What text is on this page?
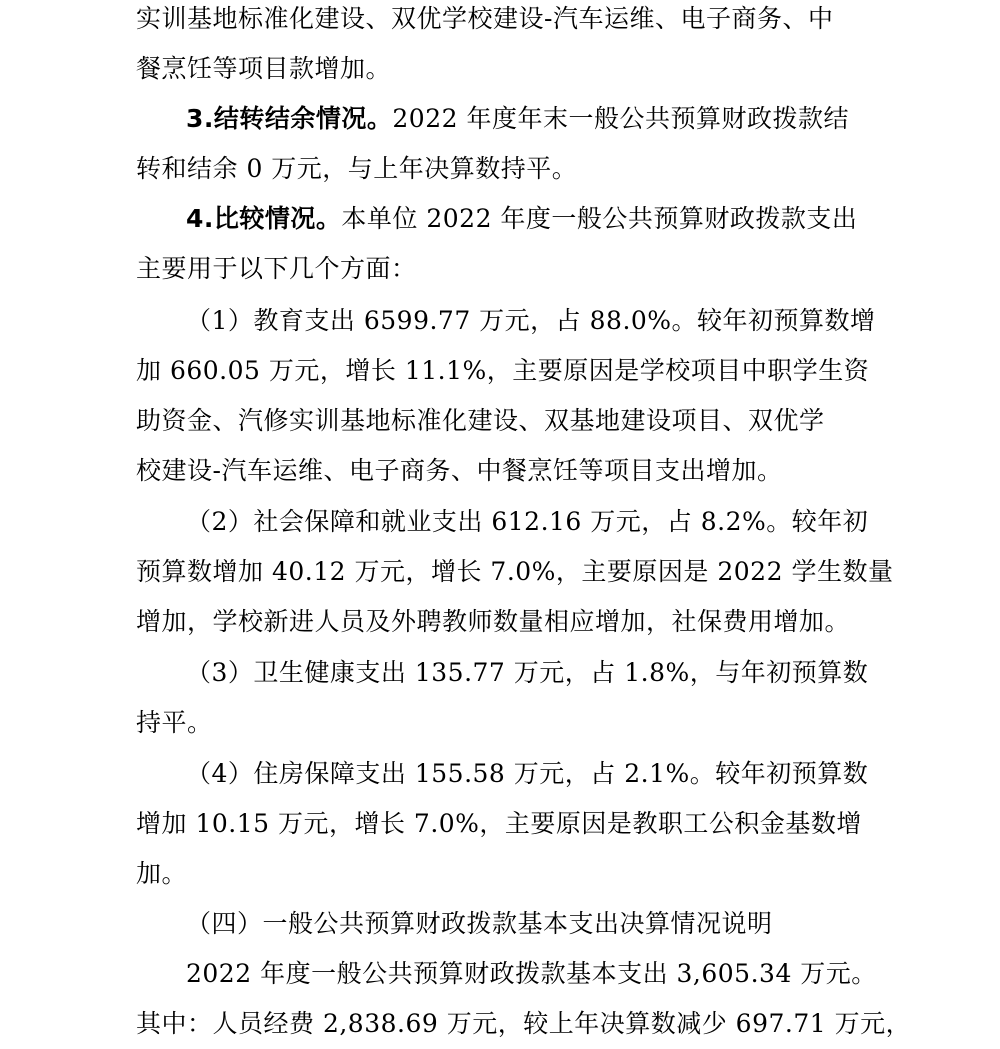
实训基地标准化建设、双优学校建设-汽车运维、电子商务、中
餐烹饪等项目款增加。
3.结转结余情况。2022 年度年末一般公共预算财政拨款结
转和结余 0 万元，与上年决算数持平。
4.比较情况。本单位 2022 年度一般公共预算财政拨款支出
主要用于以下几个方面：
（1）教育支出 6599.77 万元，占 88.0%。较年初预算数增
加 660.05 万元，增长 11.1%，主要原因是学校项目中职学生资
助资金、汽修实训基地标准化建设、双基地建设项目、双优学
校建设-汽车运维、电子商务、中餐烹饪等项目支出增加。
（2）社会保障和就业支出 612.16 万元，占 8.2%。较年初
预算数增加 40.12 万元，增长 7.0%，主要原因是 2022 学生数量
增加，学校新进人员及外聘教师数量相应增加，社保费用增加。
（3）卫生健康支出 135.77 万元，占 1.8%，与年初预算数
持平。
（4）住房保障支出 155.58 万元，占 2.1%。较年初预算数
增加 10.15 万元，增长 7.0%，主要原因是教职工公积金基数增
加。
（四）一般公共预算财政拨款基本支出决算情况说明
2022 年度一般公共预算财政拨款基本支出 3,605.34 万元。
其中：人员经费 2,838.69 万元，较上年决算数减少 697.71 万元，
